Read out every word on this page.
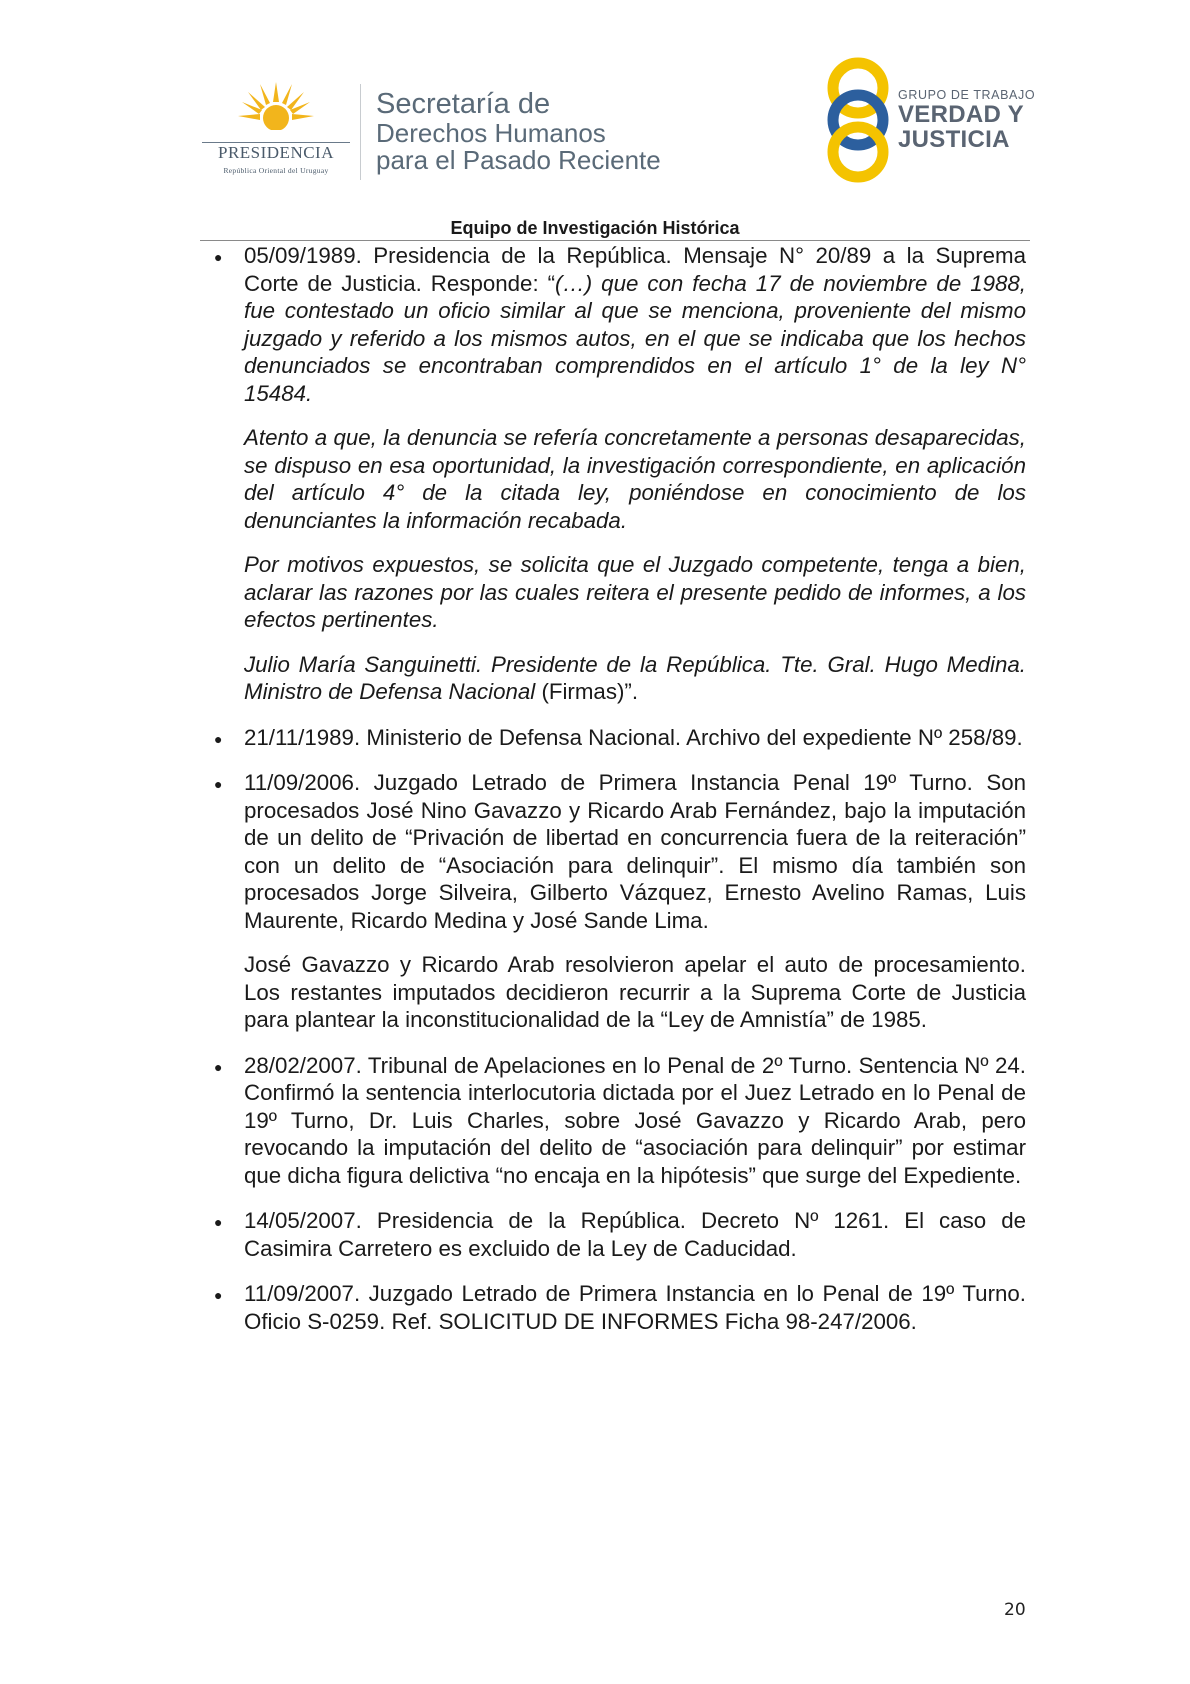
PRESIDENCIA
República Oriental del Uruguay
Secretaría de
Derechos Humanos
para el Pasado Reciente
GRUPO DE TRABAJO
VERDAD Y
JUSTICIA
Equipo de Investigación Histórica
● 05/09/1989. Presidencia de la República. Mensaje N° 20/89 a la Suprema Corte de Justicia. Responde: “(…) que con fecha 17 de noviembre de 1988, fue contestado un oficio similar al que se menciona, proveniente del mismo juzgado y referido a los mismos autos, en el que se indicaba que los hechos denunciados se encontraban comprendidos en el artículo 1° de la ley N° 15484.

Atento a que, la denuncia se refería concretamente a personas desaparecidas, se dispuso en esa oportunidad, la investigación correspondiente, en aplicación del artículo 4° de la citada ley, poniéndose en conocimiento de los denunciantes la información recabada.

Por motivos expuestos, se solicita que el Juzgado competente, tenga a bien, aclarar las razones por las cuales reitera el presente pedido de informes, a los efectos pertinentes.

Julio María Sanguinetti. Presidente de la República. Tte. Gral. Hugo Medina. Ministro de Defensa Nacional (Firmas)”.

● 21/11/1989. Ministerio de Defensa Nacional. Archivo del expediente Nº 258/89.

● 11/09/2006. Juzgado Letrado de Primera Instancia Penal 19º Turno. Son procesados José Nino Gavazzo y Ricardo Arab Fernández, bajo la imputación de un delito de “Privación de libertad en concurrencia fuera de la reiteración” con un delito de “Asociación para delinquir”. El mismo día también son procesados Jorge Silveira, Gilberto Vázquez, Ernesto Avelino Ramas, Luis Maurente, Ricardo Medina y José Sande Lima.

José Gavazzo y Ricardo Arab resolvieron apelar el auto de procesamiento. Los restantes imputados decidieron recurrir a la Suprema Corte de Justicia para plantear la inconstitucionalidad de la “Ley de Amnistía” de 1985.

● 28/02/2007. Tribunal de Apelaciones en lo Penal de 2º Turno. Sentencia Nº 24. Confirmó la sentencia interlocutoria dictada por el Juez Letrado en lo Penal de 19º Turno, Dr. Luis Charles, sobre José Gavazzo y Ricardo Arab, pero revocando la imputación del delito de “asociación para delinquir” por estimar que dicha figura delictiva “no encaja en la hipótesis” que surge del Expediente.

● 14/05/2007. Presidencia de la República. Decreto Nº 1261. El caso de Casimira Carretero es excluido de la Ley de Caducidad.

● 11/09/2007. Juzgado Letrado de Primera Instancia en lo Penal de 19º Turno. Oficio S-0259. Ref. SOLICITUD DE INFORMES Ficha 98-247/2006.

20
